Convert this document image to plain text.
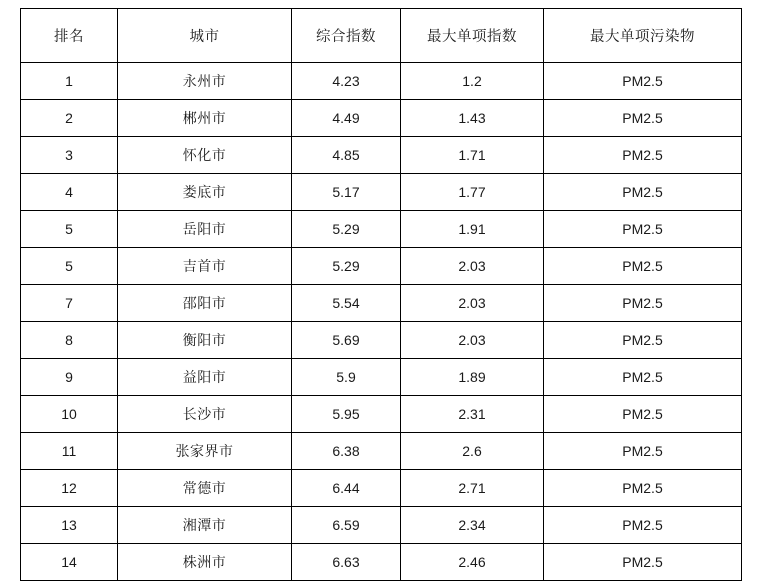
排名	城市	综合指数	最大单项指数	最大单项污染物
1	永州市	4.23	1.2	PM2.5
2	郴州市	4.49	1.43	PM2.5
3	怀化市	4.85	1.71	PM2.5
4	娄底市	5.17	1.77	PM2.5
5	岳阳市	5.29	1.91	PM2.5
5	吉首市	5.29	2.03	PM2.5
7	邵阳市	5.54	2.03	PM2.5
8	衡阳市	5.69	2.03	PM2.5
9	益阳市	5.9	1.89	PM2.5
10	长沙市	5.95	2.31	PM2.5
11	张家界市	6.38	2.6	PM2.5
12	常德市	6.44	2.71	PM2.5
13	湘潭市	6.59	2.34	PM2.5
14	株洲市	6.63	2.46	PM2.5
